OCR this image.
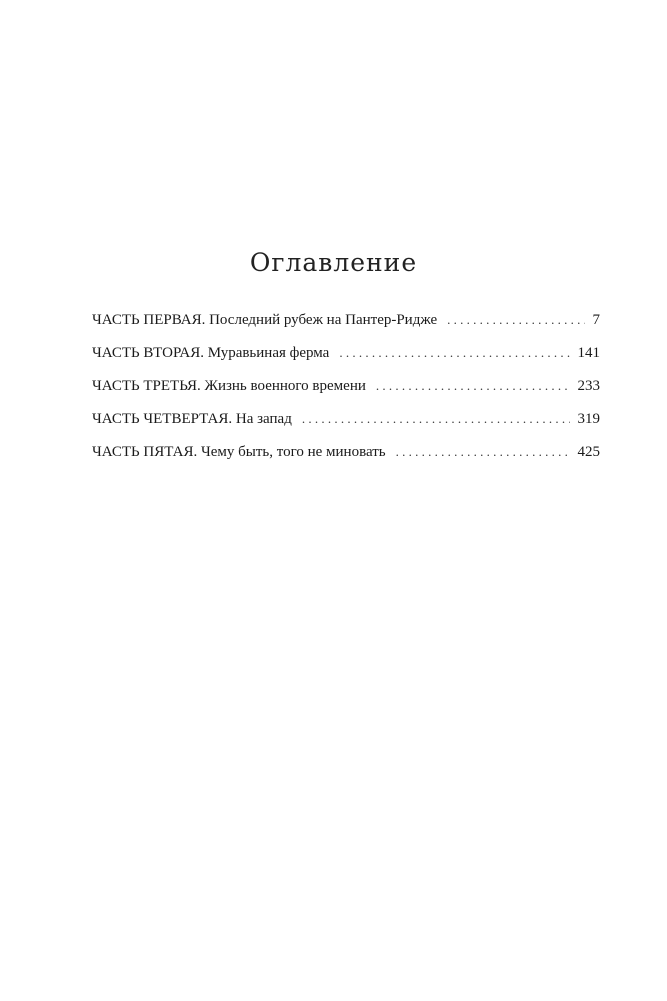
Оглавление
ЧАСТЬ ПЕРВАЯ. Последний рубеж на Пантер-Ридже . . .	7
ЧАСТЬ ВТОРАЯ. Муравьиная ферма . . .	141
ЧАСТЬ ТРЕТЬЯ. Жизнь военного времени . . .	233
ЧАСТЬ ЧЕТВЕРТАЯ. На запад . . .	319
ЧАСТЬ ПЯТАЯ. Чему быть, того не миновать . . .	425
